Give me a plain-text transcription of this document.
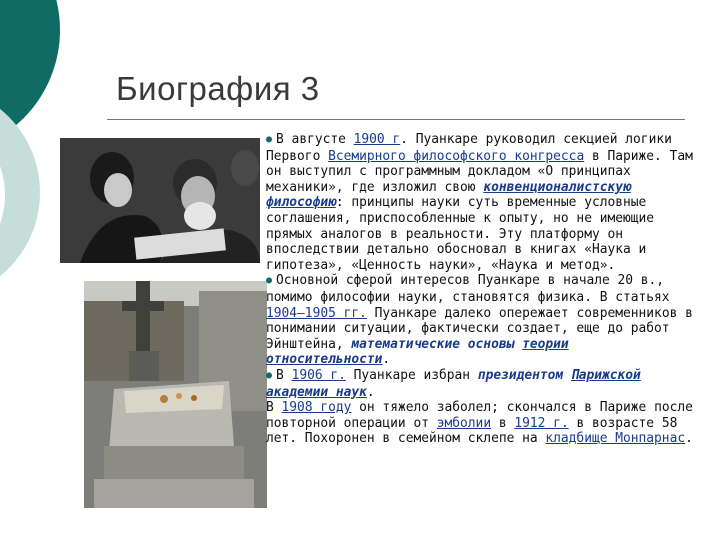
Биография 3

● В августе 1900 г. Пуанкаре руководил секцией логики Первого Всемирного философского конгресса в Париже. Там он выступил с программным докладом «О принципах механики», где изложил свою конвенционалистскую философию: принципы науки суть временные условные соглашения, приспособленные к опыту, но не имеющие прямых аналогов в реальности. Эту платформу он впоследствии детально обосновал в книгах «Наука и гипотеза», «Ценность науки», «Наука и метод».

● Основной сферой интересов Пуанкаре в начале 20 в., помимо философии науки, становятся физика. В статьях 1904—1905 гг. Пуанкаре далеко опережает современников в понимании ситуации, фактически создает, еще до работ Эйнштейна, математические основы теории относительности.

● В 1906 г. Пуанкаре избран президентом Парижской академии наук.

В 1908 году он тяжело заболел; скончался в Париже после повторной операции от эмболии в 1912 г. в возрасте 58 лет. Похоронен в семейном склепе на кладбище Монпарнас.
